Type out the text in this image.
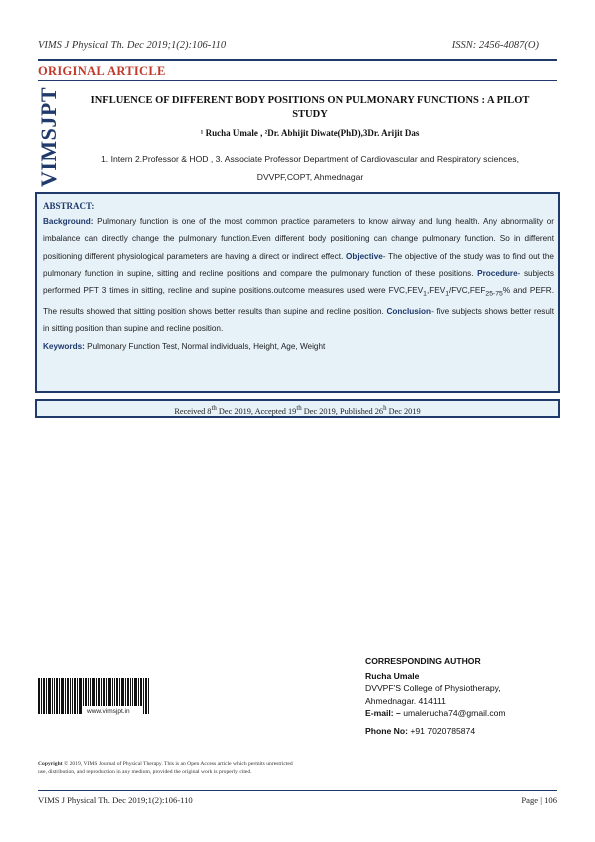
VIMS J Physical Th. Dec 2019;1(2):106-110	ISSN: 2456-4087(O)
ORIGINAL ARTICLE
VIMSJPT	INFLUENCE OF DIFFERENT BODY POSITIONS ON PULMONARY FUNCTIONS : A PILOT
STUDY
¹ Rucha Umale , ²Dr. Abhijit Diwate(PhD),3Dr. Arijit Das
1. Intern 2.Professor & HOD , 3. Associate Professor Department of Cardiovascular and Respiratory sciences,
DVVPF,COPT, Ahmednagar
ABSTRACT:
Background: Pulmonary function is one of the most common practice parameters to know airway and lung health. Any abnormality or imbalance can directly change the pulmonary function.Even different body positioning can change pulmonary function. So in different positioning different physiological parameters are having a direct or indirect effect. Objective- The objective of the study was to find out the pulmonary function in supine, sitting and recline positions and compare the pulmonary function of these positions. Procedure- subjects performed PFT 3 times in sitting, recline and supine positions.outcome measures used were $FVC,FEV_1,FEV_1/FVC,FEF_{25-75}\%$ and PEFR. The results showed that sitting position shows better results than supine and recline position. Conclusion- five subjects shows better result in sitting position than supine and recline position.
Keywords: Pulmonary Function Test, Normal individuals, Height, Age, Weight
Received 8th Dec 2019, Accepted 19th Dec 2019, Published 26$^h$ Dec 2019
CORRESPONDING AUTHOR
Rucha Umale
DVVPF'S College of Physiotherapy,
Ahmednagar. 414111
E-mail: – umalerucha74@gmail.com
Phone No: +91 7020785874
www.vimsjpt.in
Copyright © 2019, VIMS Journal of Physical Therapy. This is an Open Access article which permits unrestricted
use, distribution, and reproduction in any medium, provided the original work is properly cited.
VIMS J Physical Th. Dec 2019;1(2):106-110	Page | 106
